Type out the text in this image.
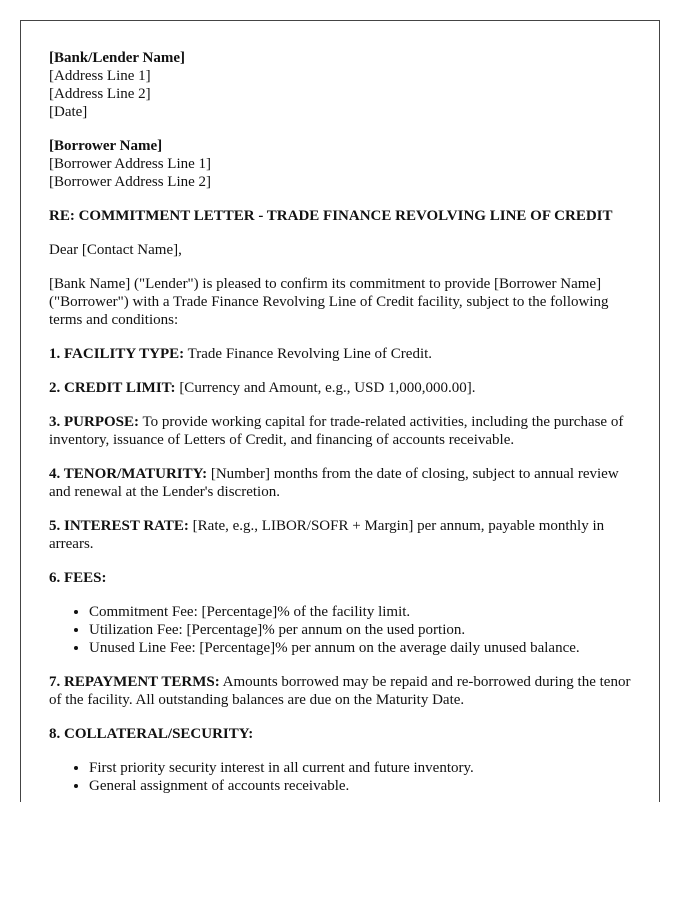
[Bank/Lender Name]
[Address Line 1]
[Address Line 2]
[Date]
[Borrower Name]
[Borrower Address Line 1]
[Borrower Address Line 2]
RE: COMMITMENT LETTER - TRADE FINANCE REVOLVING LINE OF CREDIT

Dear [Contact Name],

[Bank Name] ("Lender") is pleased to confirm its commitment to provide [Borrower Name] ("Borrower") with a Trade Finance Revolving Line of Credit facility, subject to the following terms and conditions:

1. FACILITY TYPE: Trade Finance Revolving Line of Credit.

2. CREDIT LIMIT: [Currency and Amount, e.g., USD 1,000,000.00].

3. PURPOSE: To provide working capital for trade-related activities, including the purchase of inventory, issuance of Letters of Credit, and financing of accounts receivable.

4. TENOR/MATURITY: [Number] months from the date of closing, subject to annual review and renewal at the Lender's discretion.

5. INTEREST RATE: [Rate, e.g., LIBOR/SOFR + Margin] per annum, payable monthly in arrears.

6. FEES:

• Commitment Fee: [Percentage]% of the facility limit.
• Utilization Fee: [Percentage]% per annum on the used portion.
• Unused Line Fee: [Percentage]% per annum on the average daily unused balance.

7. REPAYMENT TERMS: Amounts borrowed may be repaid and re-borrowed during the tenor of the facility. All outstanding balances are due on the Maturity Date.

8. COLLATERAL/SECURITY:

• First priority security interest in all current and future inventory.
• General assignment of accounts receivable.
